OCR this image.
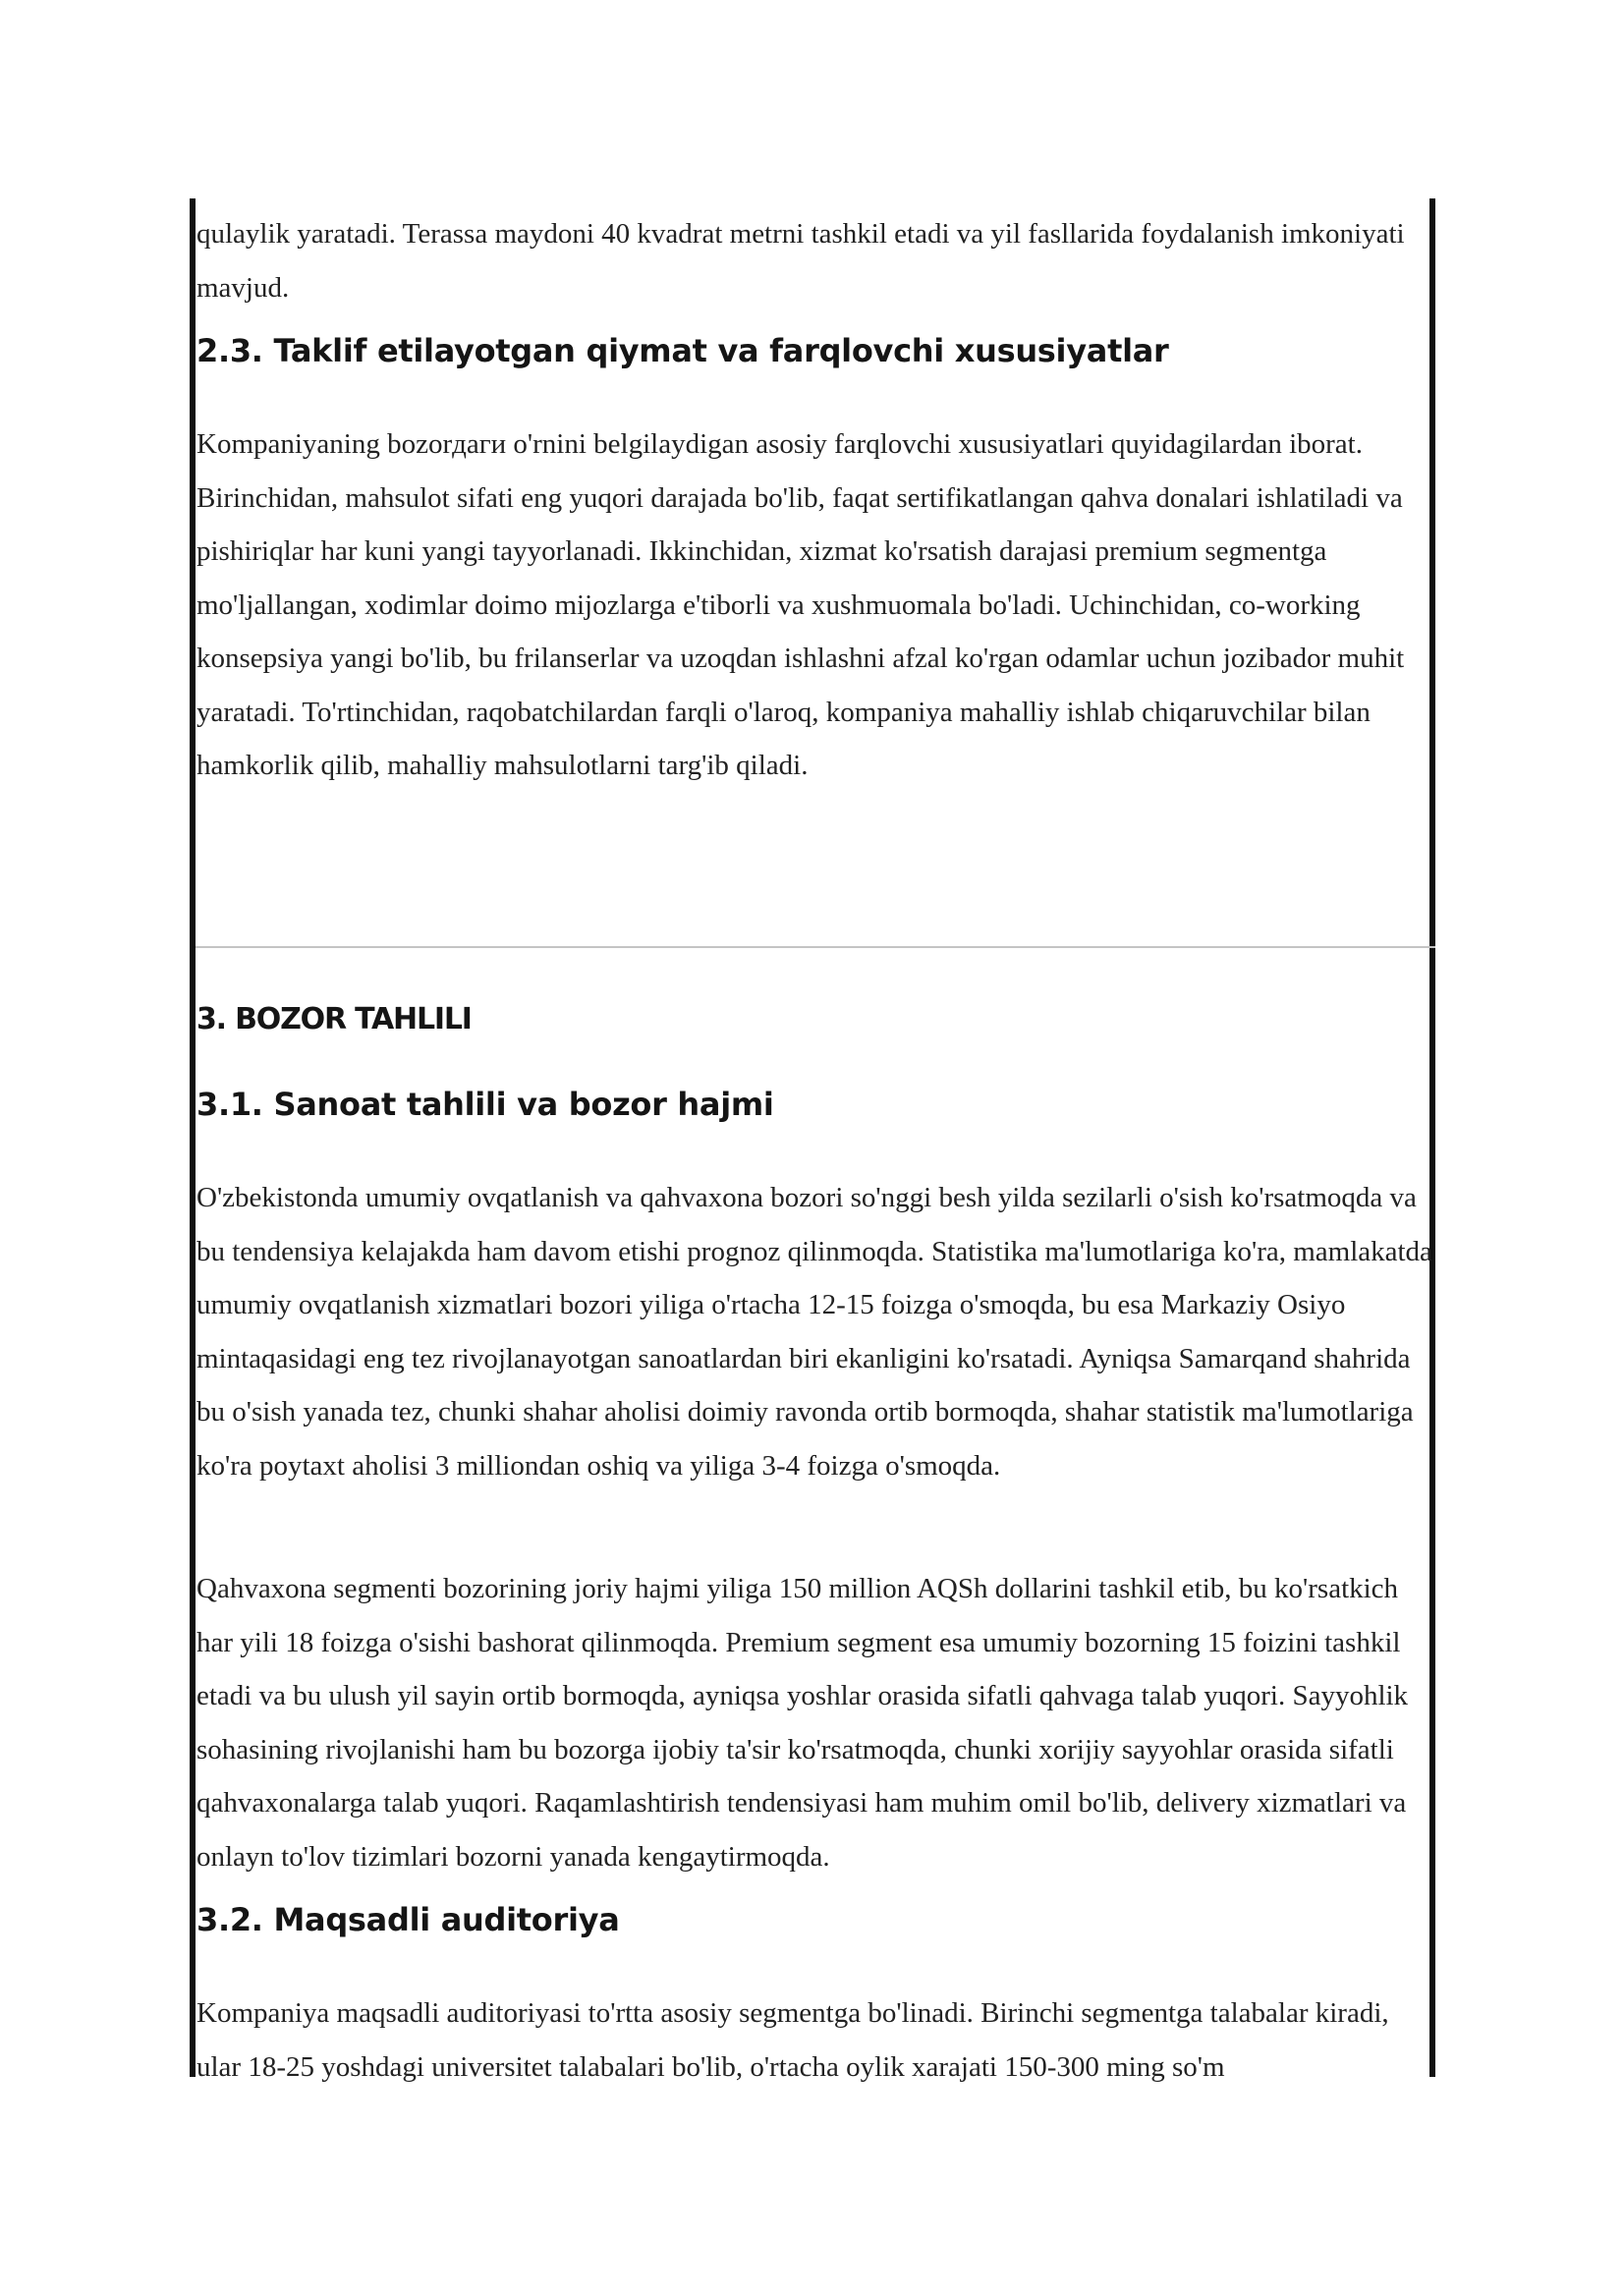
qulaylik yaratadi. Terassa maydoni 40 kvadrat metrni tashkil etadi va yil fasllarida foydalanish imkoniyati mavjud.

2.3. Taklif etilayotgan qiymat va farqlovchi xususiyatlar

Kompaniyaning bozorдаги o'rnini belgilaydigan asosiy farqlovchi xususiyatlari quyidagilardan iborat. Birinchidan, mahsulot sifati eng yuqori darajada bo'lib, faqat sertifikatlangan qahva donalari ishlatiladi va pishiriqlar har kuni yangi tayyorlanadi. Ikkinchidan, xizmat ko'rsatish darajasi premium segmentga mo'ljallangan, xodimlar doimo mijozlarga e'tiborli va xushmuomala bo'ladi. Uchinchidan, co-working konsepsiya yangi bo'lib, bu frilanserlar va uzoqdan ishlashni afzal ko'rgan odamlar uchun jozibador muhit yaratadi. To'rtinchidan, raqobatchilardan farqli o'laroq, kompaniya mahalliy ishlab chiqaruvchilar bilan hamkorlik qilib, mahalliy mahsulotlarni targ'ib qiladi.

3. BOZOR TAHLILI
3.1. Sanoat tahlili va bozor hajmi

O'zbekistonda umumiy ovqatlanish va qahvaxona bozori so'nggi besh yilda sezilarli o'sish ko'rsatmoqda va bu tendensiya kelajakda ham davom etishi prognoz qilinmoqda. Statistika ma'lumotlariga ko'ra, mamlakatda umumiy ovqatlanish xizmatlari bozori yiliga o'rtacha 12-15 foizga o'smoqda, bu esa Markaziy Osiyo mintaqasidagi eng tez rivojlanayotgan sanoatlardan biri ekanligini ko'rsatadi. Ayniqsa Samarqand shahrida bu o'sish yanada tez, chunki shahar aholisi doimiy ravonda ortib bormoqda, shahar statistik ma'lumotlariga ko'ra poytaxt aholisi 3 milliondan oshiq va yiliga 3-4 foizga o'smoqda.

Qahvaxona segmenti bozorining joriy hajmi yiliga 150 million AQSh dollarini tashkil etib, bu ko'rsatkich har yili 18 foizga o'sishi bashorat qilinmoqda. Premium segment esa umumiy bozorning 15 foizini tashkil etadi va bu ulush yil sayin ortib bormoqda, ayniqsa yoshlar orasida sifatli qahvaga talab yuqori. Sayyohlik sohasining rivojlanishi ham bu bozorga ijobiy ta'sir ko'rsatmoqda, chunki xorijiy sayyohlar orasida sifatli qahvaxonalarga talab yuqori. Raqamlashtirish tendensiyasi ham muhim omil bo'lib, delivery xizmatlari va onlayn to'lov tizimlari bozorni yanada kengaytirmoqda.

3.2. Maqsadli auditoriya

Kompaniya maqsadli auditoriyasi to'rtta asosiy segmentga bo'linadi. Birinchi segmentga talabalar kiradi, ular 18-25 yoshdagi universitet talabalari bo'lib, o'rtacha oylik xarajati 150-300 ming so'm
